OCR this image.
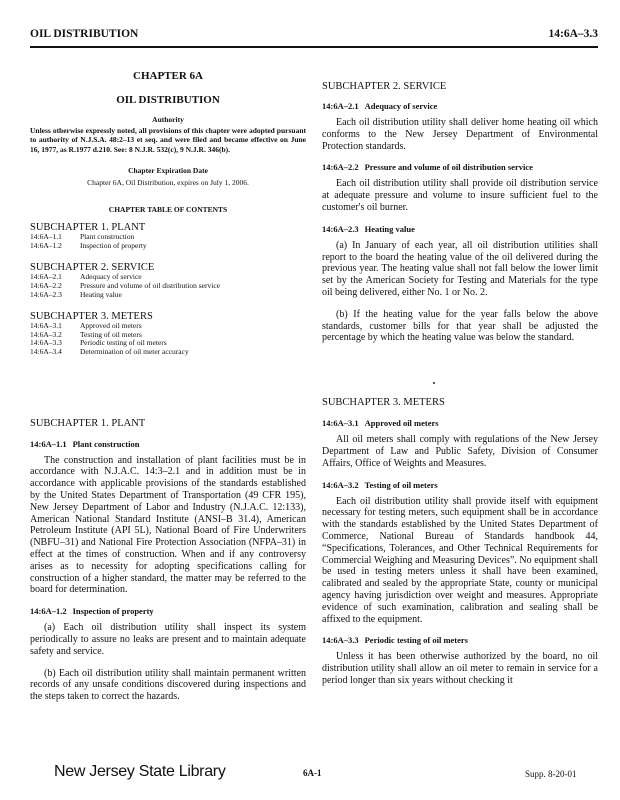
OIL DISTRIBUTION	14:6A–3.3
CHAPTER 6A
OIL DISTRIBUTION
Authority
Unless otherwise expressly noted, all provisions of this chapter were adopted pursuant to authority of N.J.S.A. 48:2–13 et seq. and were filed and became effective on June 16, 1977, as R.1977 d.210. See: 8 N.J.R. 532(c), 9 N.J.R. 346(b).
Chapter Expiration Date
Chapter 6A, Oil Distribution, expires on July 1, 2006.
CHAPTER TABLE OF CONTENTS
SUBCHAPTER 1. PLANT
14:6A–1.1	Plant construction
14:6A–1.2	Inspection of property
SUBCHAPTER 2. SERVICE
14:6A–2.1	Adequacy of service
14:6A–2.2	Pressure and volume of oil distribution service
14:6A–2.3	Heating value
SUBCHAPTER 3. METERS
14:6A–3.1	Approved oil meters
14:6A–3.2	Testing of oil meters
14:6A–3.3	Periodic testing of oil meters
14:6A–3.4	Determination of oil meter accuracy
SUBCHAPTER 1. PLANT
14:6A–1.1 Plant construction
The construction and installation of plant facilities must be in accordance with N.J.A.C. 14:3–2.1 and in addition must be in accordance with applicable provisions of the standards established by the United States Department of Transportation (49 CFR 195), New Jersey Department of Labor and Industry (N.J.A.C. 12:133), American National Standard Institute (ANSI–B 31.4), American Petroleum Institute (API 5L), National Board of Fire Underwriters (NBFU–31) and National Fire Protection Association (NFPA–31) in effect at the times of construction. When and if any controversy arises as to necessity for adopting specifications calling for construction of a higher standard, the matter may be referred to the board for determination.
14:6A–1.2 Inspection of property
(a) Each oil distribution utility shall inspect its system periodically to assure no leaks are present and to maintain adequate safety and service.
(b) Each oil distribution utility shall maintain permanent written records of any unsafe conditions discovered during inspections and the steps taken to correct the hazards.
SUBCHAPTER 2. SERVICE
14:6A–2.1 Adequacy of service
Each oil distribution utility shall deliver home heating oil which conforms to the New Jersey Department of Environmental Protection standards.
14:6A–2.2 Pressure and volume of oil distribution service
Each oil distribution utility shall provide oil distribution service at adequate pressure and volume to insure sufficient fuel to the customer's oil burner.
14:6A–2.3 Heating value
(a) In January of each year, all oil distribution utilities shall report to the board the heating value of the oil delivered during the previous year. The heating value shall not fall below the lower limit set by the American Society for Testing and Materials for the type oil being delivered, either No. 1 or No. 2.
(b) If the heating value for the year falls below the above standards, customer bills for that year shall be adjusted the percentage by which the heating value was below the standard.
SUBCHAPTER 3. METERS
14:6A–3.1 Approved oil meters
All oil meters shall comply with regulations of the New Jersey Department of Law and Public Safety, Division of Consumer Affairs, Office of Weights and Measures.
14:6A–3.2 Testing of oil meters
Each oil distribution utility shall provide itself with equipment necessary for testing meters, such equipment shall be in accordance with the standards established by the United States Department of Commerce, National Bureau of Standards handbook 44, “Specifications, Tolerances, and Other Technical Requirements for Commercial Weighing and Measuring Devices”. No equipment shall be used in testing meters unless it shall have been examined, calibrated and sealed by the appropriate State, county or municipal agency having jurisdiction over weight and measures. Appropriate evidence of such examination, calibration and sealing shall be affixed to the equipment.
14:6A–3.3 Periodic testing of oil meters
Unless it has been otherwise authorized by the board, no oil distribution utility shall allow an oil meter to remain in service for a period longer than six years without checking it
New Jersey State Library	6A-1	Supp. 8-20-01
